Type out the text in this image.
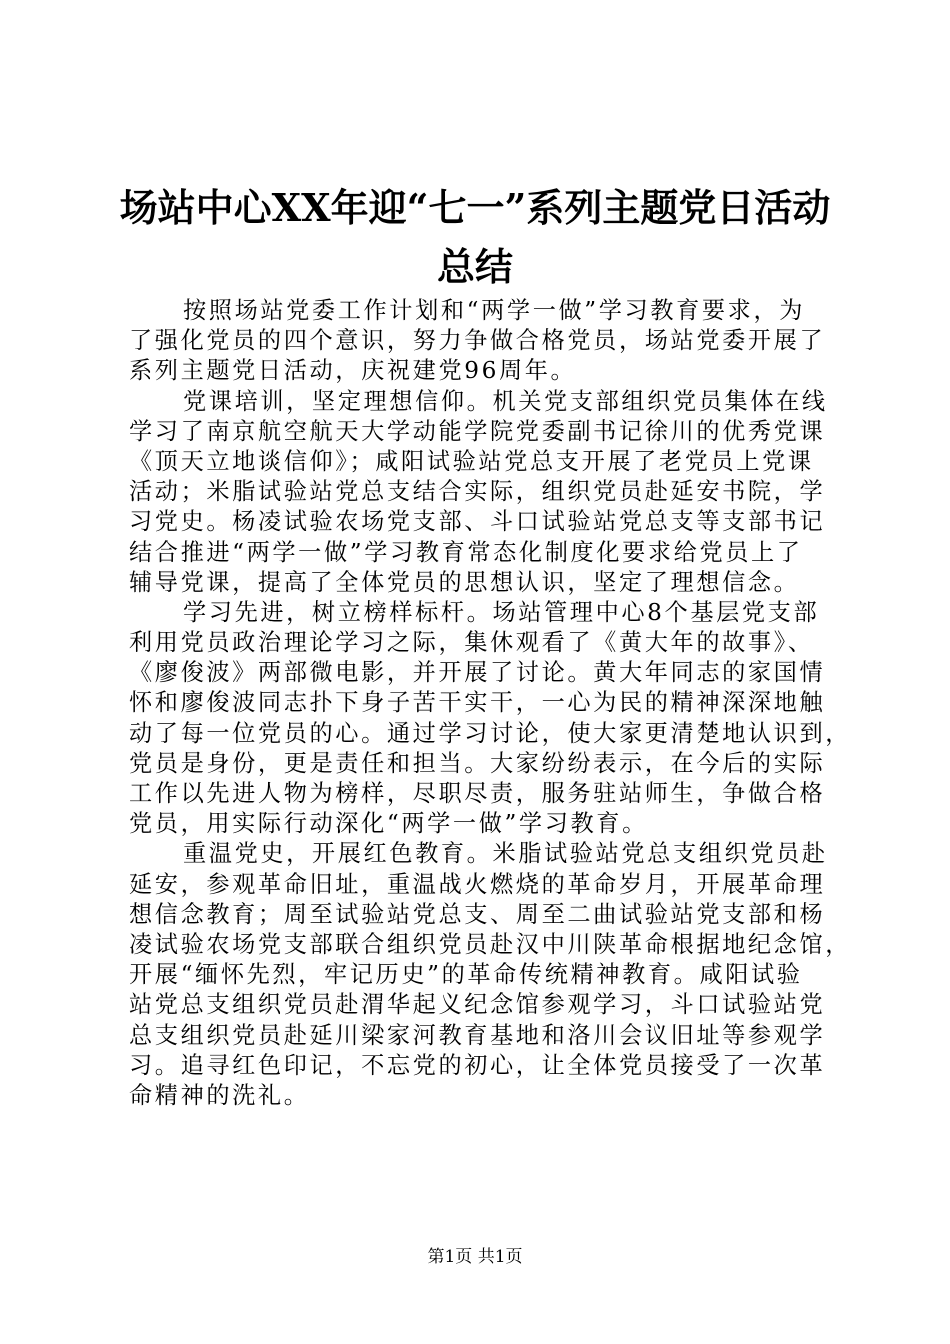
场站中心XX年迎“七一”系列主题党日活动
总结
按照场站党委工作计划和“两学一做”学习教育要求，为
了强化党员的四个意识，努力争做合格党员，场站党委开展了
系列主题党日活动，庆祝建党96周年。
党课培训，坚定理想信仰。机关党支部组织党员集体在线
学习了南京航空航天大学动能学院党委副书记徐川的优秀党课
《顶天立地谈信仰》；咸阳试验站党总支开展了老党员上党课
活动；米脂试验站党总支结合实际，组织党员赴延安书院，学
习党史。杨凌试验农场党支部、斗口试验站党总支等支部书记
结合推进“两学一做”学习教育常态化制度化要求给党员上了
辅导党课，提高了全体党员的思想认识，坚定了理想信念。
学习先进，树立榜样标杆。场站管理中心8个基层党支部
利用党员政治理论学习之际，集休观看了《黄大年的故事》、
《廖俊波》两部微电影，并开展了讨论。黄大年同志的家国情
怀和廖俊波同志扑下身子苦干实干，一心为民的精神深深地触
动了每一位党员的心。通过学习讨论，使大家更清楚地认识到，
党员是身份，更是责任和担当。大家纷纷表示，在今后的实际
工作以先进人物为榜样，尽职尽责，服务驻站师生，争做合格
党员，用实际行动深化“两学一做”学习教育。
重温党史，开展红色教育。米脂试验站党总支组织党员赴
延安，参观革命旧址，重温战火燃烧的革命岁月，开展革命理
想信念教育；周至试验站党总支、周至二曲试验站党支部和杨
凌试验农场党支部联合组织党员赴汉中川陕革命根据地纪念馆，
开展“缅怀先烈，牢记历史”的革命传统精神教育。咸阳试验
站党总支组织党员赴渭华起义纪念馆参观学习，斗口试验站党
总支组织党员赴延川梁家河教育基地和洛川会议旧址等参观学
习。追寻红色印记，不忘党的初心，让全体党员接受了一次革
命精神的洗礼。
第1页 共1页
